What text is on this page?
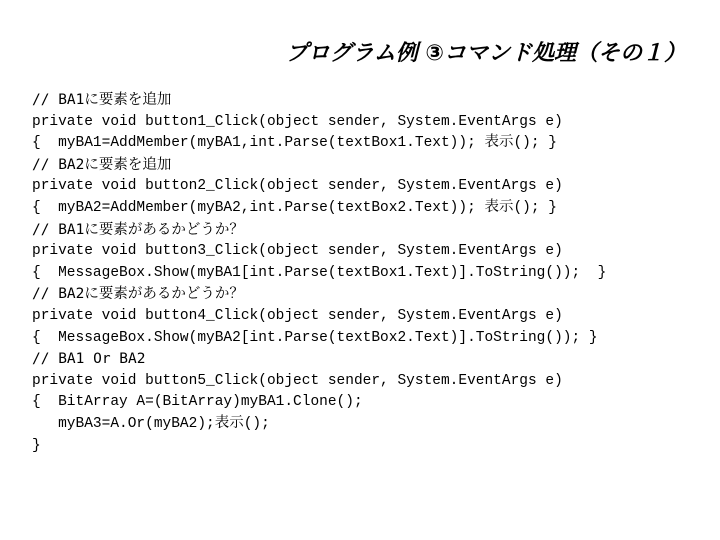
プログラム例 ③コマンド処理（その１）
// BA1に要素を追加
private void button1_Click(object sender, System.EventArgs e)
{  myBA1=AddMember(myBA1,int.Parse(textBox1.Text)); 表示(); }
// BA2に要素を追加
private void button2_Click(object sender, System.EventArgs e)
{  myBA2=AddMember(myBA2,int.Parse(textBox2.Text)); 表示(); }
// BA1に要素があるかどうか？
private void button3_Click(object sender, System.EventArgs e)
{  MessageBox.Show(myBA1[int.Parse(textBox1.Text)].ToString());  }
// BA2に要素があるかどうか？
private void button4_Click(object sender, System.EventArgs e)
{  MessageBox.Show(myBA2[int.Parse(textBox2.Text)].ToString()); }
// BA1 Or BA2
private void button5_Click(object sender, System.EventArgs e)
{  BitArray A=(BitArray)myBA1.Clone();
myBA3=A.Or(myBA2);表示();
}
